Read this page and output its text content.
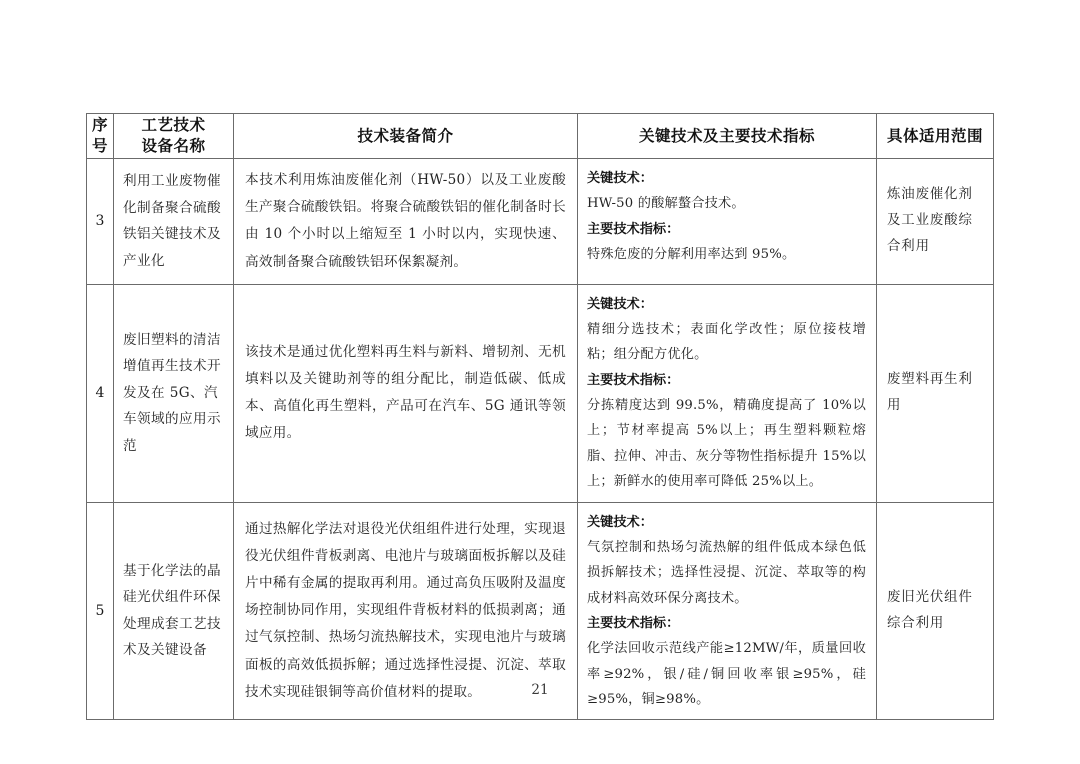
序
号	工艺技术
设备名称	技术装备简介	关键技术及主要技术指标	具体适用范围
3	利用工业废物催化制备聚合硫酸铁铝关键技术及产业化	本技术利用炼油废催化剂（HW-50）以及工业废酸生产聚合硫酸铁铝。将聚合硫酸铁铝的催化制备时长由 10 个小时以上缩短至 1 小时以内，实现快速、高效制备聚合硫酸铁铝环保絮凝剂。	关键技术：
HW-50 的酸解螯合技术。
主要技术指标：
特殊危废的分解利用率达到 95%。	炼油废催化剂及工业废酸综合利用
4	废旧塑料的清洁增值再生技术开发及在 5G、汽车领域的应用示范	该技术是通过优化塑料再生料与新料、增韧剂、无机填料以及关键助剂等的组分配比，制造低碳、低成本、高值化再生塑料，产品可在汽车、5G 通讯等领域应用。	关键技术：
精细分选技术；表面化学改性；原位接枝增粘；组分配方优化。
主要技术指标：
分拣精度达到 99.5%，精确度提高了 10%以上；节材率提高 5%以上；再生塑料颗粒熔脂、拉伸、冲击、灰分等物性指标提升 15%以上；新鲜水的使用率可降低 25%以上。	废塑料再生利用
5	基于化学法的晶硅光伏组件环保处理成套工艺技术及关键设备	通过热解化学法对退役光伏组组件进行处理，实现退役光伏组件背板剥离、电池片与玻璃面板拆解以及硅片中稀有金属的提取再利用。通过高负压吸附及温度场控制协同作用，实现组件背板材料的低损剥离；通过气氛控制、热场匀流热解技术，实现电池片与玻璃面板的高效低损拆解；通过选择性浸提、沉淀、萃取技术实现硅银铜等高价值材料的提取。	关键技术：
气氛控制和热场匀流热解的组件低成本绿色低损拆解技术；选择性浸提、沉淀、萃取等的构成材料高效环保分离技术。
主要技术指标：
化学法回收示范线产能≥12MW/年，质量回收率≥92%，银/硅/铜回收率银≥95%，硅≥95%，铜≥98%。	废旧光伏组件综合利用
21
